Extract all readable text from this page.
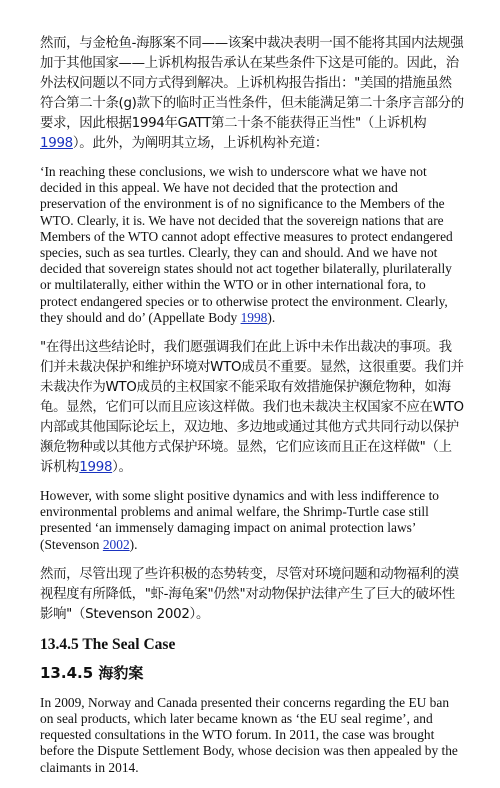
然而，与金枪鱼-海豚案不同——该案中裁决表明一国不能将其国内法规强加于其他国家——上诉机构报告承认在某些条件下这是可能的。因此，治外法权问题以不同方式得到解决。上诉机构报告指出："美国的措施虽然符合第二十条(g)款下的临时正当性条件，但未能满足第二十条序言部分的要求，因此根据1994年GATT第二十条不能获得正当性"（上诉机构1998）。此外，为阐明其立场，上诉机构补充道：

‘In reaching these conclusions, we wish to underscore what we have not decided in this appeal. We have not decided that the protection and preservation of the environment is of no significance to the Members of the WTO. Clearly, it is. We have not decided that the sovereign nations that are Members of the WTO cannot adopt effective measures to protect endangered species, such as sea turtles. Clearly, they can and should. And we have not decided that sovereign states should not act together bilaterally, plurilaterally or multilaterally, either within the WTO or in other international fora, to protect endangered species or to otherwise protect the environment. Clearly, they should and do’ (Appellate Body 1998).

"在得出这些结论时，我们愿强调我们在此上诉中未作出裁决的事项。我们并未裁决保护和维护环境对WTO成员不重要。显然，这很重要。我们并未裁决作为WTO成员的主权国家不能采取有效措施保护濒危物种，如海龟。显然，它们可以而且应该这样做。我们也未裁决主权国家不应在WTO内部或其他国际论坛上，双边地、多边地或通过其他方式共同行动以保护濒危物种或以其他方式保护环境。显然，它们应该而且正在这样做"（上诉机构1998）。

However, with some slight positive dynamics and with less indifference to environmental problems and animal welfare, the Shrimp-Turtle case still presented ‘an immensely damaging impact on animal protection laws’ (Stevenson 2002).

然而，尽管出现了些许积极的态势转变，尽管对环境问题和动物福利的漠视程度有所降低，"虾-海龟案"仍然"对动物保护法律产生了巨大的破坏性影响"（Stevenson 2002）。

13.4.5 The Seal Case
13.4.5 海豹案

In 2009, Norway and Canada presented their concerns regarding the EU ban on seal products, which later became known as ‘the EU seal regime’, and requested consultations in the WTO forum. In 2011, the case was brought before the Dispute Settlement Body, whose decision was then appealed by the claimants in 2014.
